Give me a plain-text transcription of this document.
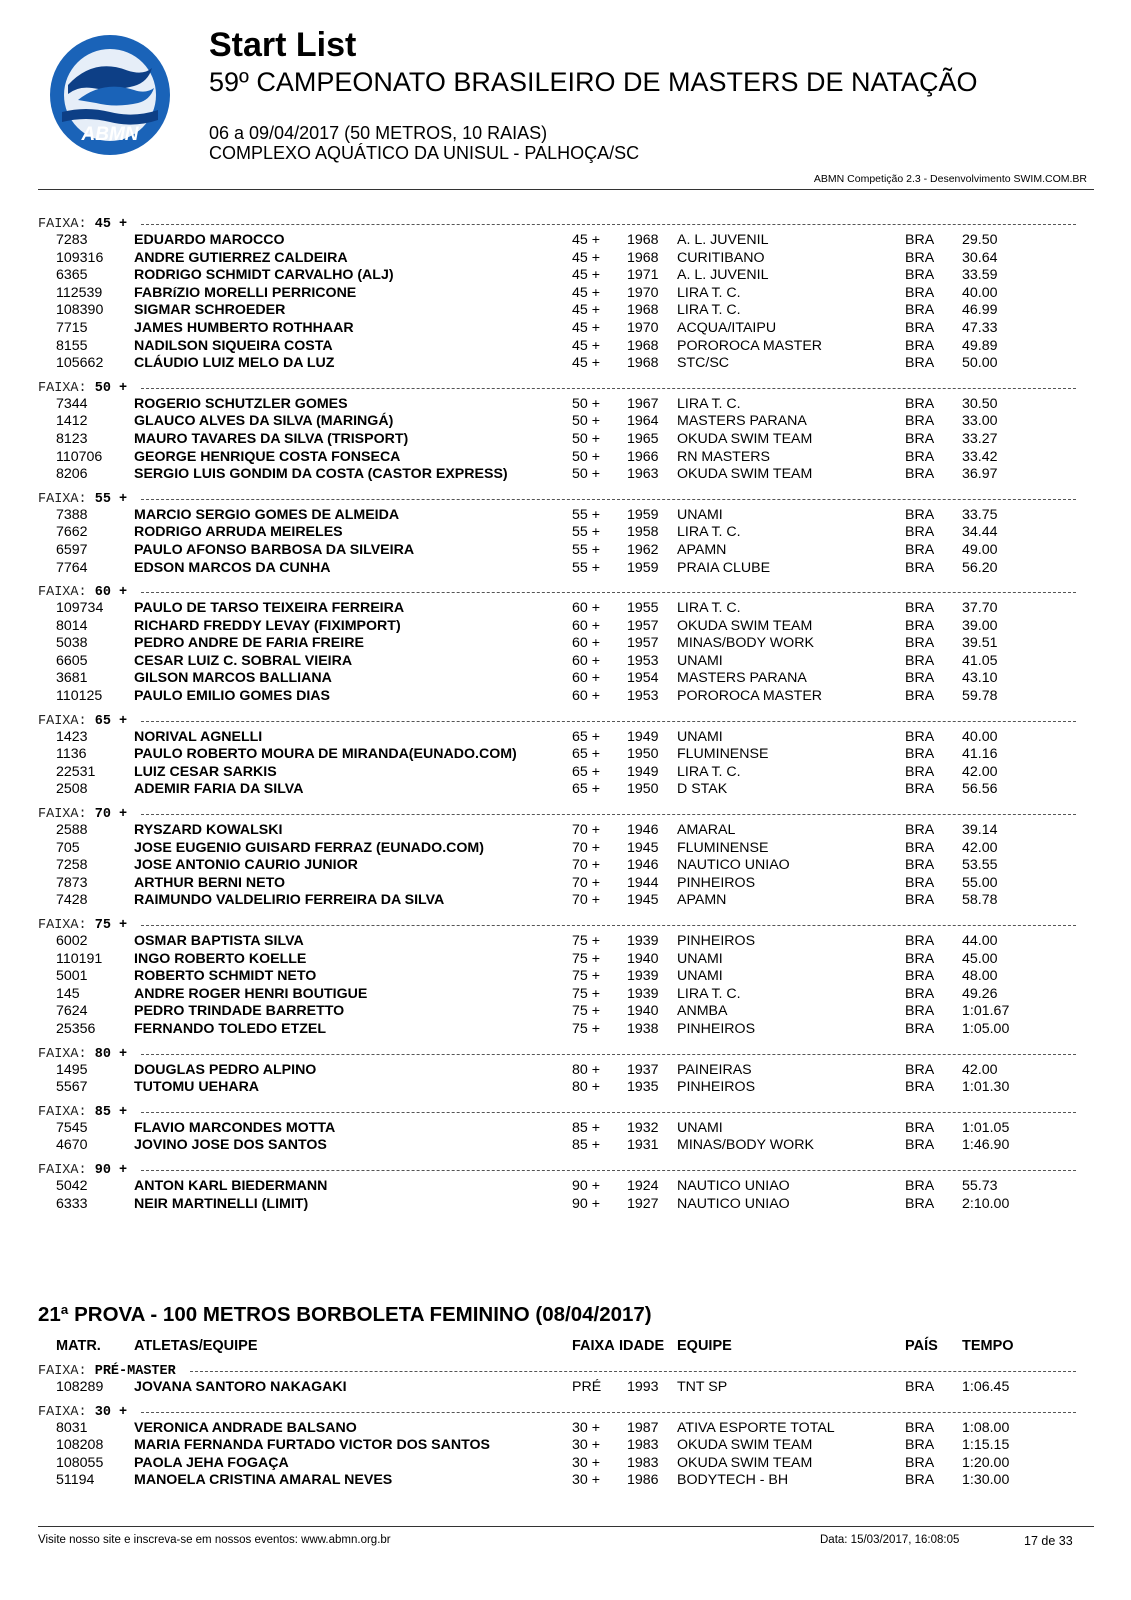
ABMN
Start List
59º CAMPEONATO BRASILEIRO DE MASTERS DE NATAÇÃO
06 a 09/04/2017 (50 METROS, 10 RAIAS)
COMPLEXO AQUÁTICO DA UNISUL - PALHOÇA/SC
ABMN Competição 2.3 - Desenvolvimento SWIM.COM.BR
FAIXA: 45 +
7283	EDUARDO MAROCCO	45 + 1968 A. L. JUVENIL	BRA 29.50
109316 ANDRE GUTIERREZ CALDEIRA	45 + 1968 CURITIBANO	BRA 30.64
6365	RODRIGO SCHMIDT CARVALHO (ALJ)	45 + 1971 A. L. JUVENIL	BRA 33.59
112539 FABRíZIO MORELLI PERRICONE	45 + 1970 LIRA T. C.	BRA 40.00
108390 SIGMAR SCHROEDER	45 + 1968 LIRA T. C.	BRA 46.99
7715	JAMES HUMBERTO ROTHHAAR	45 + 1970 ACQUA/ITAIPU	BRA 47.33
8155	NADILSON SIQUEIRA COSTA	45 + 1968 POROROCA MASTER	BRA 49.89
105662 CLÁUDIO LUIZ MELO DA LUZ	45 + 1968 STC/SC	BRA 50.00
FAIXA: 50 +
7344	ROGERIO SCHUTZLER GOMES	50 + 1967 LIRA T. C.	BRA 30.50
1412	GLAUCO ALVES DA SILVA (MARINGÁ)	50 + 1964 MASTERS PARANA	BRA 33.00
8123	MAURO TAVARES DA SILVA (TRISPORT)	50 + 1965 OKUDA SWIM TEAM	BRA 33.27
110706 GEORGE HENRIQUE COSTA FONSECA	50 + 1966 RN MASTERS	BRA 33.42
8206	SERGIO LUIS GONDIM DA COSTA (CASTOR EXPRESS)	50 + 1963 OKUDA SWIM TEAM	BRA 36.97
FAIXA: 55 +
7388	MARCIO SERGIO GOMES DE ALMEIDA	55 + 1959 UNAMI	BRA 33.75
7662	RODRIGO ARRUDA MEIRELES	55 + 1958 LIRA T. C.	BRA 34.44
6597	PAULO AFONSO BARBOSA DA SILVEIRA	55 + 1962 APAMN	BRA 49.00
7764	EDSON MARCOS DA CUNHA	55 + 1959 PRAIA CLUBE	BRA 56.20
FAIXA: 60 +
109734 PAULO DE TARSO TEIXEIRA FERREIRA	60 + 1955 LIRA T. C.	BRA 37.70
8014	RICHARD FREDDY LEVAY (FIXIMPORT)	60 + 1957 OKUDA SWIM TEAM	BRA 39.00
5038	PEDRO ANDRE DE FARIA FREIRE	60 + 1957 MINAS/BODY WORK	BRA 39.51
6605	CESAR LUIZ C. SOBRAL VIEIRA	60 + 1953 UNAMI	BRA 41.05
3681	GILSON MARCOS BALLIANA	60 + 1954 MASTERS PARANA	BRA 43.10
110125 PAULO EMILIO GOMES DIAS	60 + 1953 POROROCA MASTER	BRA 59.78
FAIXA: 65 +
1423	NORIVAL AGNELLI	65 + 1949 UNAMI	BRA 40.00
1136	PAULO ROBERTO MOURA DE MIRANDA(EUNADO.COM)	65 + 1950 FLUMINENSE	BRA 41.16
22531	LUIZ CESAR SARKIS	65 + 1949 LIRA T. C.	BRA 42.00
2508	ADEMIR FARIA DA SILVA	65 + 1950 D STAK	BRA 56.56
FAIXA: 70 +
2588	RYSZARD KOWALSKI	70 + 1946 AMARAL	BRA 39.14
705	JOSE EUGENIO GUISARD FERRAZ (EUNADO.COM)	70 + 1945 FLUMINENSE	BRA 42.00
7258	JOSE ANTONIO CAURIO JUNIOR	70 + 1946 NAUTICO UNIAO	BRA 53.55
7873	ARTHUR BERNI NETO	70 + 1944 PINHEIROS	BRA 55.00
7428	RAIMUNDO VALDELIRIO FERREIRA DA SILVA	70 + 1945 APAMN	BRA 58.78
FAIXA: 75 +
6002	OSMAR BAPTISTA SILVA	75 + 1939 PINHEIROS	BRA 44.00
110191 INGO ROBERTO KOELLE	75 + 1940 UNAMI	BRA 45.00
5001	ROBERTO SCHMIDT NETO	75 + 1939 UNAMI	BRA 48.00
145	ANDRE ROGER HENRI BOUTIGUE	75 + 1939 LIRA T. C.	BRA 49.26
7624	PEDRO TRINDADE BARRETTO	75 + 1940 ANMBA	BRA 1:01.67
25356	FERNANDO TOLEDO ETZEL	75 + 1938 PINHEIROS	BRA 1:05.00
FAIXA: 80 +
1495	DOUGLAS PEDRO ALPINO	80 + 1937 PAINEIRAS	BRA 42.00
5567	TUTOMU UEHARA	80 + 1935 PINHEIROS	BRA 1:01.30
FAIXA: 85 +
7545	FLAVIO MARCONDES MOTTA	85 + 1932 UNAMI	BRA 1:01.05
4670	JOVINO JOSE DOS SANTOS	85 + 1931 MINAS/BODY WORK	BRA 1:46.90
FAIXA: 90 +
5042	ANTON KARL BIEDERMANN	90 + 1924 NAUTICO UNIAO	BRA 55.73
6333	NEIR MARTINELLI (LIMIT)	90 + 1927 NAUTICO UNIAO	BRA 2:10.00
21ª PROVA - 100 METROS BORBOLETA FEMININO (08/04/2017)
MATR. ATLETAS/EQUIPE	FAIXA IDADE EQUIPE	PAÍS TEMPO
FAIXA: PRÉ-MASTER
108289 JOVANA SANTORO NAKAGAKI	PRÉ 1993 TNT SP	BRA 1:06.45
FAIXA: 30 +
8031	VERONICA ANDRADE BALSANO	30 + 1987 ATIVA ESPORTE TOTAL	BRA 1:08.00
108208 MARIA FERNANDA FURTADO VICTOR DOS SANTOS	30 + 1983 OKUDA SWIM TEAM	BRA 1:15.15
108055 PAOLA JEHA FOGAÇA	30 + 1983 OKUDA SWIM TEAM	BRA 1:20.00
51194	MANOELA CRISTINA AMARAL NEVES	30 + 1986 BODYTECH - BH	BRA 1:30.00
Visite nosso site e inscreva-se em nossos eventos: www.abmn.org.br	Data: 15/03/2017, 16:08:05	17 de 33
